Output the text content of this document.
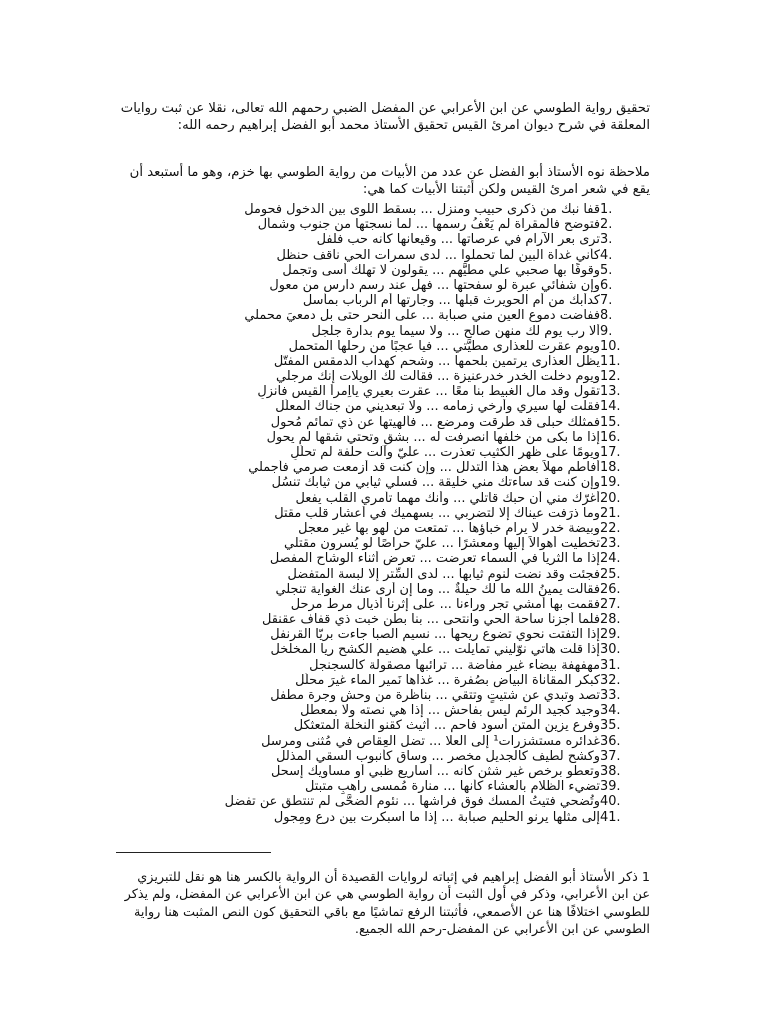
تحقيق رواية الطوسي عن ابن الأعرابي عن المفضل الضبي رحمهم الله تعالى، نقلا عن ثبت روايات المعلقة في شرح ديوان امرئ القيس تحقيق الأستاذ محمد أبو الفضل إبراهيم رحمه الله:

ملاحظة نوه الأستاذ أبو الفضل عن عدد من الأبيات من رواية الطوسي بها خزم، وهو ما أستبعد أن يقع في شعر امرئ القيس ولكن أثبتنا الأبيات كما هي:

1.
قفا نبك من ذكرى حبيب ومنزل ... بسقط اللوى بين الدخول فحومل
2.
فتوضح فالمقراة لم يَعْفُ رسمها ... لما نسجتها من جنوب وشمأل
3.
ترى بعر الآرام في عرصاتها ... وقيعانها كأنه حب فلفل
4.
كأني غداة البين لما تحملوا ... لدى سمرات الحي ناقف حنظل
5.
وقوفًا بها صحبي علي مطيَّهم ... يقولون لا تهلك أسى وتجمل
6.
وإن شفائي عبرة لو سفحتها ... فهل عند رسم دارس من معول
7.
كدأبك من أم الحويرث قبلها ... وجارتها أم الرباب بمأسل
8.
ففاضت دموع العين مني صبابة ... على النحر حتى بل دمعيَ محملي
9.
ألا رب يوم لك منهن صالح ... ولا سيما يوم بدارة جلجل
10.
ويوم عقرت للعذارى مطيَّتي ... فيا عجبًا من رحلها المتحمل
11.
يظل العذارى يرتمين بلحمها ... وشحم كهداب الدمقس المفتّل
12.
ويوم دخلت الخدر خدرعنيزة ... فقالت لك الويلات إنك مرجلي
13.
تقول وقد مال الغبيط بنا معًا ... عقرت بعيري يااِمرأ القيس فانزلِ
14.
فقلت لها سيري وأرخي زمامه ... ولا تبعديني من جناك المعلّل
15.
فمثلك حبلى قد طرقت ومرضع ... فألهيتها عن ذي تمائم مُحول
16.
إذا ما بكى من خلفها انصرفت له ... بشق وتحتي شقها لم يحول
17.
ويومًا على ظهر الكثيب تعذرت ... عليّ وآلت حلفة لم تحلّلِ
18.
أفاطم مهلاً بعض هذا التدلل ... وإن كنت قد أزمعت صرمي فأجملي
19.
وإن كنت قد ساءتك مني خليقة ... فسلي ثيابي من ثيابك تنسُل
20.
أغرّك مني أن حبك قاتلي ... وأنك مهما تأمري القلب يفعل
21.
وما ذرَفت عيناك إلا لتضربي ... بسهميك في أعشار قلب مقتل
22.
وبيضة خدر لا يرام خباؤها ... تمتعت من لهو بها غير معجل
23.
تخطيت أهوالاً إليها ومعشرًا ... عليّ حراصًا لو يُسرون مقتلي
24.
إذا ما الثريا في السماء تعرضت ... تعرض أثناء الوشاح المفصل
25.
فجئت وقد نضت لنوم ثيابها ... لدى السِّتر إلا لبسة المتفضل
26.
فقالت يمينُ الله ما لك حيلةٌ ... وما إن أرى عنك الغواية تنجلي
27.
فقمت بها أمشي تجر وراءنا ... على إثرنا أذيال مرط مرحل
28.
فلما أجزنا ساحة الحي وانتحى ... بنا بطن خبت ذي قفاف عقنقل
29.
إذا التفتت نحوي تضوع ريحها ... نسيم الصبا جاءت بريّا القرنفل
30.
إذا قلت هاتي نوّليني تمايلت ... علي هضيم الكشح ريا المخلخل
31.
مهفهفة بيضاء غير مفاضة ... ترائبها مصقولة كالسجنجل
32.
كبكر المقاناة البياض بصُفرة ... غذاها نَمير الماء غيرَ محلّل
33.
تصد وتبدي عن شتيتٍ وتتقي ... بناظرة من وحش وجرة مطفل
34.
وجيد كجيد الرئم ليس بفاحش ... إذا هي نصته ولا بمعطل
35.
وفرع يزين المتن أسود فاحم ... أثيث كقنو النخلة المتعثكل
36.
غدائره مستشزرات¹ إلى العلا ... تضل العِقاص في مُثنى ومرسل
37.
وكشح لطيف كالجديل مخصر ... وساق كأنبوب السقي المذلل
38.
وتعطو برخص غير شثن كأنه ... أساريع ظبي أو مساويك إسحل
39.
تضيء الظلام بالعشاء كأنها ... منارة مُمسى راهبٍ متبتل
40.
وتُضحي فتيتُ المسك فوق فراشها ... نئوم الضحَّى لم تنتطق عن تفضل
41.
إلى مثلها يرنو الحليم صبابة ... إذا ما اسبكرت بين درع ومِجول

1 ذكر الأستاذ أبو الفضل إبراهيم في إثباته لروايات القصيدة أن الرواية بالكسر هنا هو نقل للتبريزي عن ابن الأعرابي، وذكر في أول الثبت أن رواية الطوسي هي عن ابن الأعرابي عن المفضل، ولم يذكر للطوسي اختلافًا هنا عن الأصمعي، فأثبتنا الرفع تماشيًا مع باقي التحقيق كون النص المثبت هنا رواية الطوسي عن ابن الأعرابي عن المفضل-رحم الله الجميع.
